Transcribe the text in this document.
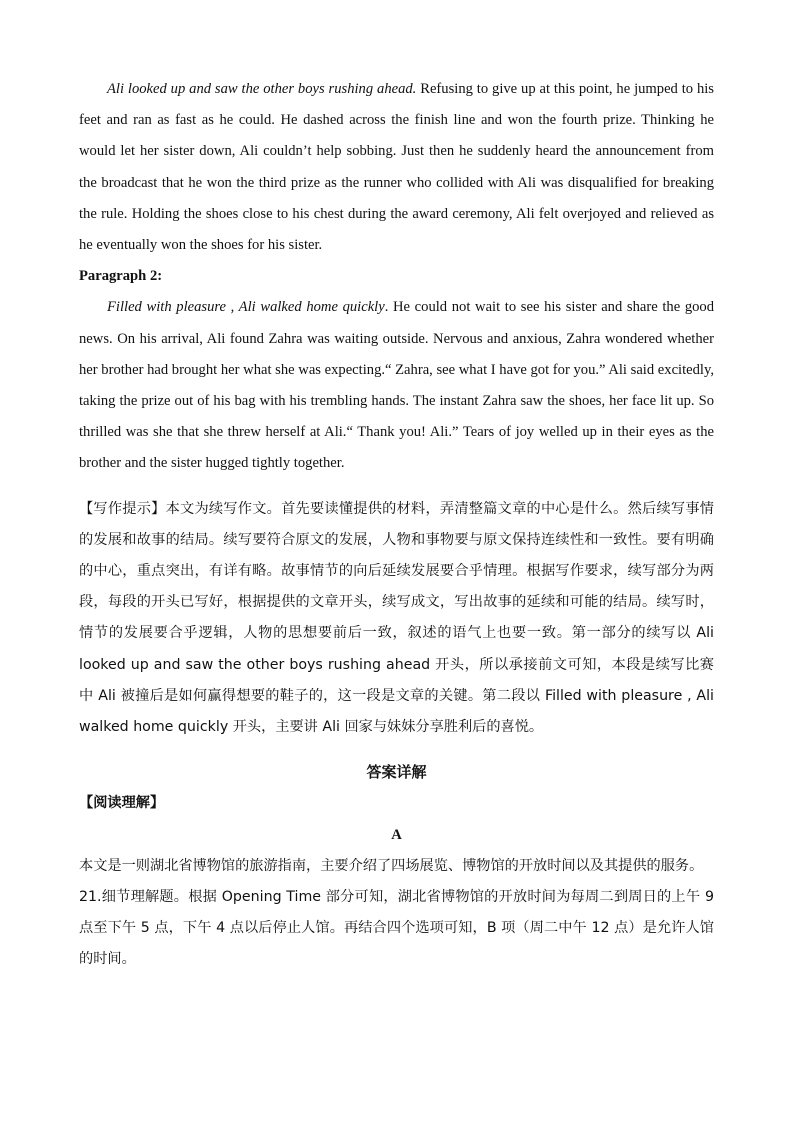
Ali looked up and saw the other boys rushing ahead. Refusing to give up at this point, he jumped to his feet and ran as fast as he could. He dashed across the finish line and won the fourth prize. Thinking he would let her sister down, Ali couldn’t help sobbing. Just then he suddenly heard the announcement from the broadcast that he won the third prize as the runner who collided with Ali was disqualified for breaking the rule. Holding the shoes close to his chest during the award ceremony, Ali felt overjoyed and relieved as he eventually won the shoes for his sister.

Paragraph 2:

Filled with pleasure , Ali walked home quickly. He could not wait to see his sister and share the good news. On his arrival, Ali found Zahra was waiting outside. Nervous and anxious, Zahra wondered whether her brother had brought her what she was expecting.“ Zahra, see what I have got for you.” Ali said excitedly, taking the prize out of his bag with his trembling hands. The instant Zahra saw the shoes, her face lit up. So thrilled was she that she threw herself at Ali.“ Thank you! Ali.” Tears of joy welled up in their eyes as the brother and the sister hugged tightly together.

【写作提示】本文为续写作文。首先要读懂提供的材料，弄清整篇文章的中心是什么。然后续写事情的发展和故事的结局。续写要符合原文的发展，人物和事物要与原文保持连续性和一致性。要有明确的中心，重点突出，有详有略。故事情节的向后延续发展要合乎情理。根据写作要求，续写部分为两段，每段的开头已写好，根据提供的文章开头，续写成文，写出故事的延续和可能的结局。续写时，情节的发展要合乎逻辑，人物的思想要前后一致，叙述的语气上也要一致。第一部分的续写以 Ali looked up and saw the other boys rushing ahead 开头，所以承接前文可知，本段是续写比赛中 Ali 被撞后是如何赢得想要的鞋子的，这一段是文章的关键。第二段以 Filled with pleasure , Ali walked home quickly 开头，主要讲 Ali 回家与妹妹分享胜利后的喜悦。

答案详解

【阅读理解】

A

本文是一则湖北省博物馆的旅游指南，主要介绍了四场展览、博物馆的开放时间以及其提供的服务。

21.细节理解题。根据 Opening Time 部分可知，湖北省博物馆的开放时间为每周二到周日的上午 9 点至下午 5 点，下午 4 点以后停止人馆。再结合四个选项可知，B 项（周二中午 12 点）是允许人馆的时间。
